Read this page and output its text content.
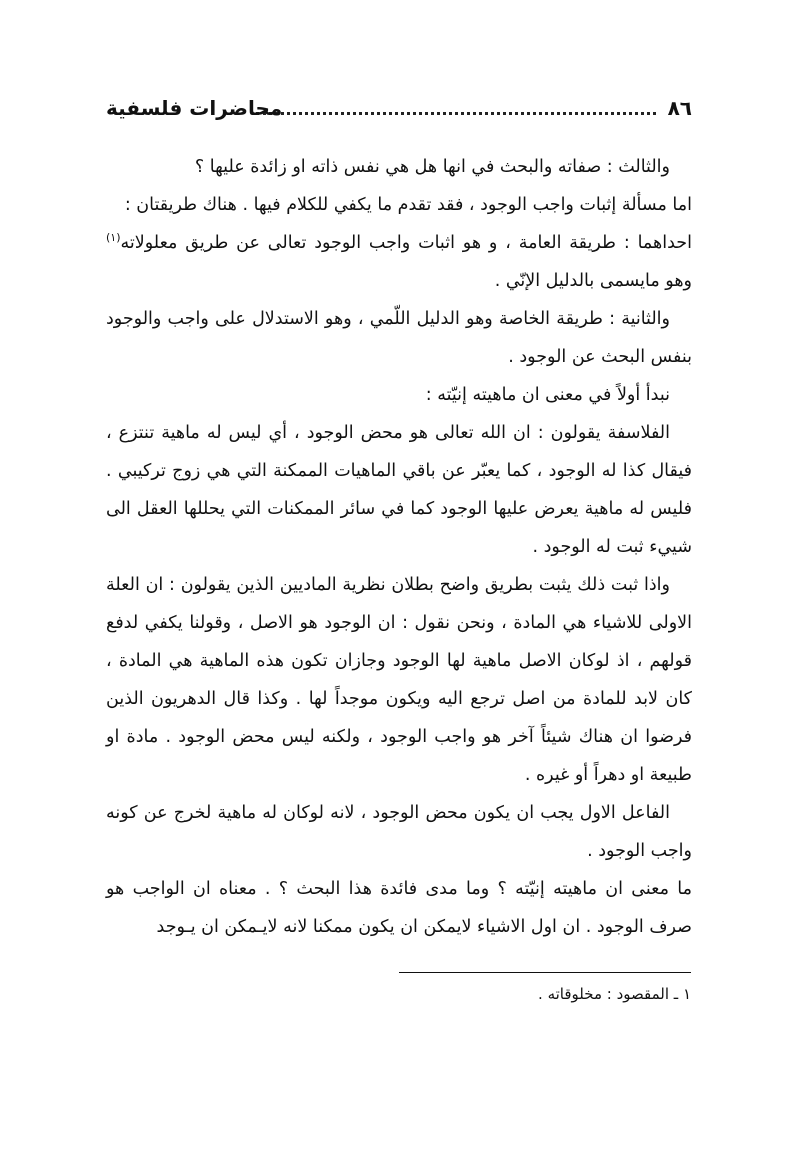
٨٦
محاضرات فلسفية

والثالث : صفاته والبحث في انها هل هي نفس ذاته او زائدة عليها ؟

اما مسألة إثبات واجب الوجود ، فقد تقدم ما يكفي للكلام فيها . هناك طريقتان :

احداهما : طريقة العامة ، و هو اثبات واجب الوجود تعالى عن طريق معلولاته$^{(١)}$ وهو مايسمى بالدليل الإنّي .

والثانية : طريقة الخاصة وهو الدليل اللّمي ، وهو الاستدلال على واجب والوجود بنفس البحث عن الوجود .

نبدأ أولاً في معنى ان ماهيته إنيّته :

الفلاسفة يقولون : ان الله تعالى هو محض الوجود ، أي ليس له ماهية تنتزع ، فيقال كذا له الوجود ، كما يعبّر عن باقي الماهيات الممكنة التي هي زوج تركيبي . فليس له ماهية يعرض عليها الوجود كما في سائر الممكنات التي يحللها العقل الى شييء ثبت له الوجود .

واذا ثبت ذلك يثبت بطريق واضح بطلان نظرية الماديين الذين يقولون : ان العلة الاولى للاشياء هي المادة ، ونحن نقول : ان الوجود هو الاصل ، وقولنا يكفي لدفع قولهم ، اذ لوكان الاصل ماهية لها الوجود وجازان تكون هذه الماهية هي المادة ، كان لابد للمادة من اصل ترجع اليه ويكون موجداً لها . وكذا قال الدهريون الذين فرضوا ان هناك شيئاً آخر هو واجب الوجود ، ولكنه ليس محض الوجود . مادة او طبيعة او دهراً أو غيره .

الفاعل الاول يجب ان يكون محض الوجود ، لانه لوكان له ماهية لخرج عن كونه واجب الوجود .

ما معنى ان ماهيته إنيّته ؟ وما مدى فائدة هذا البحث ؟ . معناه ان الواجب هو صرف الوجود . ان اول الاشياء لايمكن ان يكون ممكنا لانه لايـمكن ان يـوجد

١ ـ المقصود : مخلوقاته .
